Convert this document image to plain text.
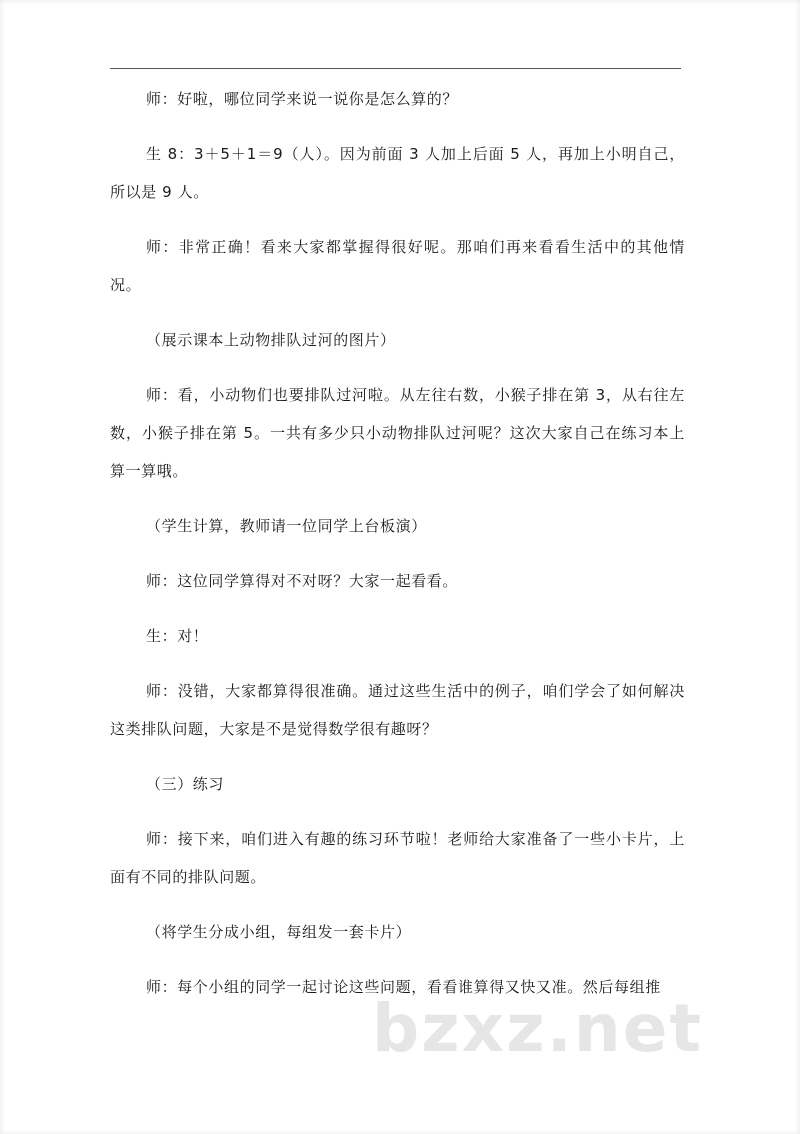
师：好啦，哪位同学来说一说你是怎么算的？

生 8：3＋5＋1＝9（人）。因为前面 3 人加上后面 5 人，再加上小明自己，所以是 9 人。

师：非常正确！看来大家都掌握得很好呢。那咱们再来看看生活中的其他情况。

（展示课本上动物排队过河的图片）

师：看，小动物们也要排队过河啦。从左往右数，小猴子排在第 3，从右往左数，小猴子排在第 5。一共有多少只小动物排队过河呢？这次大家自己在练习本上算一算哦。

（学生计算，教师请一位同学上台板演）

师：这位同学算得对不对呀？大家一起看看。

生：对！

师：没错，大家都算得很准确。通过这些生活中的例子，咱们学会了如何解决这类排队问题，大家是不是觉得数学很有趣呀？

（三）练习

师：接下来，咱们进入有趣的练习环节啦！老师给大家准备了一些小卡片，上面有不同的排队问题。

（将学生分成小组，每组发一套卡片）

师：每个小组的同学一起讨论这些问题，看看谁算得又快又准。然后每组推

bzxz.net
